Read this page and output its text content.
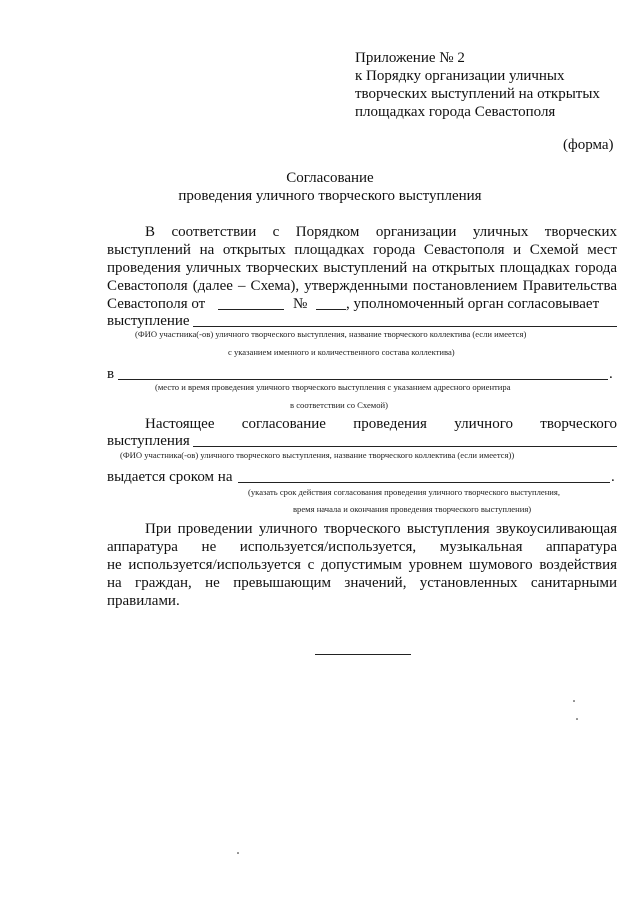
Приложение № 2
к Порядку организации уличных
творческих выступлений на открытых
площадках города Севастополя
(форма)
Согласование
проведения уличного творческого выступления
В соответствии с Порядком организации уличных творческих
выступлений на открытых площадках города Севастополя и Схемой мест
проведения уличных творческих выступлений на открытых площадках города
Севастополя (далее – Схема), утвержденными постановлением Правительства
Севастополя от	№	, уполномоченный орган согласовывает
выступление
(ФИО участника(-ов) уличного творческого выступления, название творческого коллектива (если имеется)
с указанием именного и количественного состава коллектива)
в	.
(место и время проведения уличного творческого выступления с указанием адресного ориентира
в соответствии со Схемой)
Настоящее согласование проведения уличного творческого
выступления
(ФИО участника(-ов) уличного творческого выступления, название творческого коллектива (если имеется))
выдается сроком на	.
(указать срок действия согласования проведения уличного творческого выступления,
время начала и окончания проведения творческого выступления)
При проведении уличного творческого выступления звукоусиливающая
аппаратура не используется/используется, музыкальная аппаратура
не используется/используется с допустимым уровнем шумового воздействия
на граждан, не превышающим значений, установленных санитарными
правилами.
